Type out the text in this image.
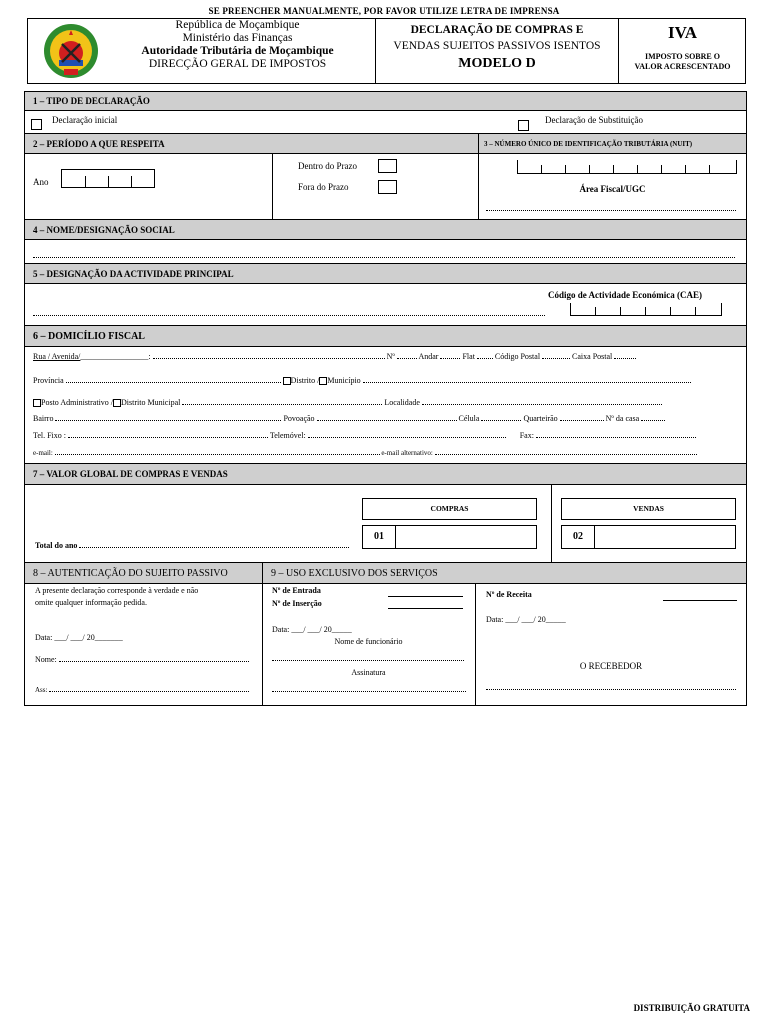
SE PREENCHER MANUALMENTE, POR FAVOR UTILIZE LETRA DE IMPRENSA
República de Moçambique
Ministério das Finanças
Autoridade Tributária de Moçambique
DIRECÇÃO GERAL DE IMPOSTOS
DECLARAÇÃO DE COMPRAS E
VENDAS SUJEITOS PASSIVOS ISENTOS
MODELO D
IVA
IMPOSTO SOBRE O
VALOR ACRESCENTADO
1 – TIPO DE DECLARAÇÃO
Declaração inicial	Declaração de Substituição
2 – PERÍODO A QUE RESPEITA	3 – NÚMERO ÚNICO DE IDENTIFICAÇÃO TRIBUTÁRIA (NUIT)
Ano
Dentro do Prazo
Fora do Prazo	Área Fiscal/UGC
4 – NOME/DESIGNAÇÃO SOCIAL
5 – DESIGNAÇÃO DA ACTIVIDADE PRINCIPAL
Código de Actividade Económica (CAE)
6 – DOMICÍLIO FISCAL
Rua / Avenida/_________________:	Nº	Andar	Flat	Código Postal	Caixa Postal
Província	Distrito / Município
Posto Administrativo / Distrito Municipal	Localidade
Bairro	Povoação	Célula	Quarteirão	Nº da casa
Tel. Fixo :	Telemóvel:	Fax:
e-mail:	e-mail alternativo:
7 – VALOR GLOBAL DE COMPRAS E VENDAS
COMPRAS
01
VENDAS
02
Total do ano
8 – AUTENTICAÇÃO DO SUJEITO PASSIVO	9 – USO EXCLUSIVO DOS SERVIÇOS
A presente declaração corresponde à verdade e não
omite qualquer informação pedida.
Data: ___/ ___/ 20_______
Nome:
Ass:
Nº de Entrada
Nº de Inserção
Data: ___/ ___/ 20_____
Nome de funcionário
Assinatura
Nº de Receita
Data: ___/ ___/ 20_____
O RECEBEDOR
DISTRIBUIÇÃO GRATUITA
